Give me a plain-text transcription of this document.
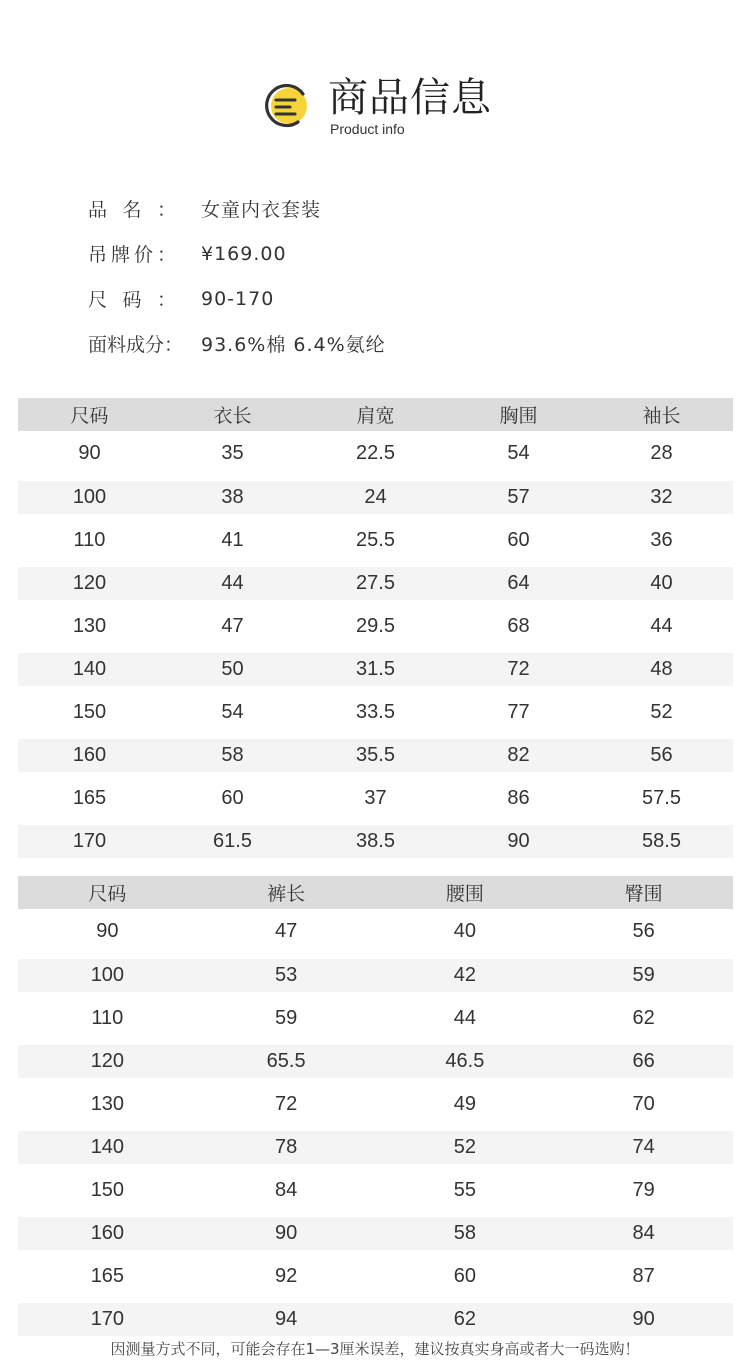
商品信息
Product info
品 名 ： 女童内衣套装
吊 牌 价 ： ¥169.00
尺 码 ： 90-170
面料成分 ： 93.6%棉 6.4%氨纶
尺码	衣长	肩宽	胸围	袖长
90	35	22.5	54	28
100	38	24	57	32
110	41	25.5	60	36
120	44	27.5	64	40
130	47	29.5	68	44
140	50	31.5	72	48
150	54	33.5	77	52
160	58	35.5	82	56
165	60	37	86	57.5
170	61.5	38.5	90	58.5
尺码	裤长	腰围	臀围
90	47	40	56
100	53	42	59
110	59	44	62
120	65.5	46.5	66
130	72	49	70
140	78	52	74
150	84	55	79
160	90	58	84
165	92	60	87
170	94	62	90
因测量方式不同，可能会存在1—3厘米误差，建议按真实身高或者大一码选购！
